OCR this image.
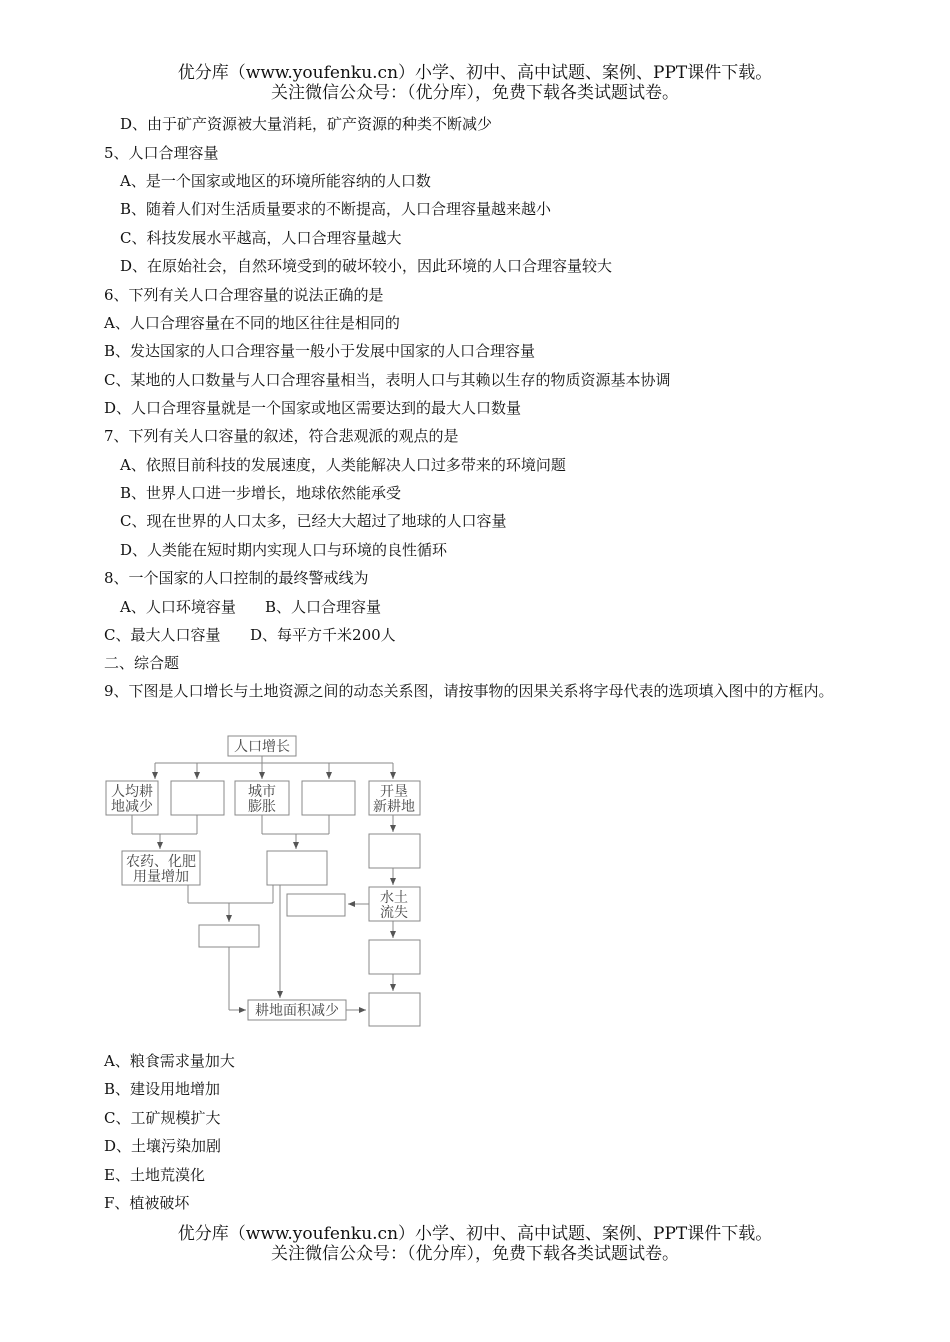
优分库（www.youfenku.cn）小学、初中、高中试题、案例、PPT课件下载。
关注微信公众号：（优分库），免费下载各类试题试卷。
D、由于矿产资源被大量消耗，矿产资源的种类不断减少
5、人口合理容量
A、是一个国家或地区的环境所能容纳的人口数
B、随着人们对生活质量要求的不断提高，人口合理容量越来越小
C、科技发展水平越高，人口合理容量越大
D、在原始社会，自然环境受到的破坏较小，因此环境的人口合理容量较大
6、下列有关人口合理容量的说法正确的是
A、人口合理容量在不同的地区往往是相同的
B、发达国家的人口合理容量一般小于发展中国家的人口合理容量
C、某地的人口数量与人口合理容量相当，表明人口与其赖以生存的物质资源基本协调
D、人口合理容量就是一个国家或地区需要达到的最大人口数量
7、下列有关人口容量的叙述，符合悲观派的观点的是
A、依照目前科技的发展速度，人类能解决人口过多带来的环境问题
B、世界人口进一步增长，地球依然能承受
C、现在世界的人口太多，已经大大超过了地球的人口容量
D、人类能在短时期内实现人口与环境的良性循环
8、一个国家的人口控制的最终警戒线为
A、人口环境容量 B、人口合理容量
C、最大人口容量 D、每平方千米200人
二、综合题
9、下图是人口增长与土地资源之间的动态关系图，请按事物的因果关系将字母代表的选项填入图中的方框内。
人口增长
人均耕
地减少
城市
膨胀
开垦
新耕地
农药、化肥
用量增加
水土
流失
耕地面积减少
A、粮食需求量加大
B、建设用地增加
C、工矿规模扩大
D、土壤污染加剧
E、土地荒漠化
F、植被破坏
优分库（www.youfenku.cn）小学、初中、高中试题、案例、PPT课件下载。
关注微信公众号：（优分库），免费下载各类试题试卷。
